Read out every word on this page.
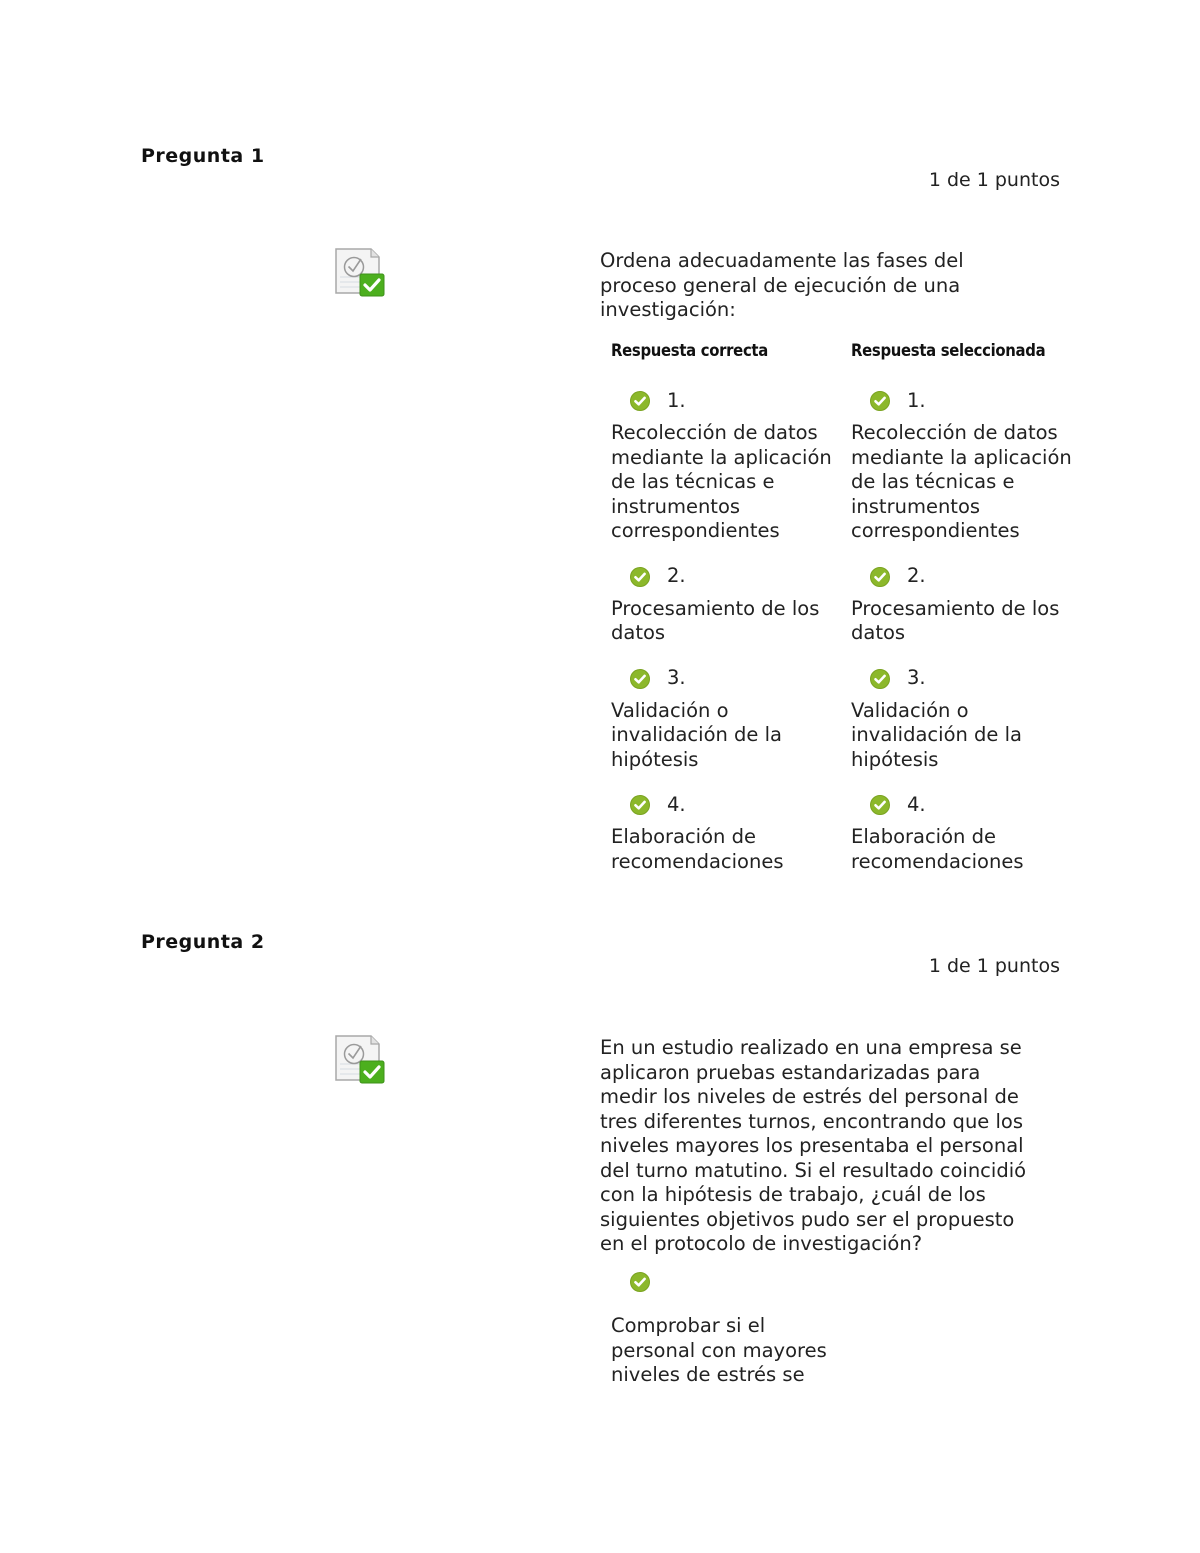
Pregunta 1
1 de 1 puntos
Ordena adecuadamente las fases del proceso general de ejecución de una investigación:
Respuesta correcta
1.
Recolección de datos mediante la aplicación de las técnicas e instrumentos correspondientes
2.
Procesamiento de los datos
3.
Validación o invalidación de la hipótesis
4.
Elaboración de recomendaciones
Respuesta seleccionada
1.
Recolección de datos mediante la aplicación de las técnicas e instrumentos correspondientes
2.
Procesamiento de los datos
3.
Validación o invalidación de la hipótesis
4.
Elaboración de recomendaciones
Pregunta 2
1 de 1 puntos
En un estudio realizado en una empresa se aplicaron pruebas estandarizadas para medir los niveles de estrés del personal de tres diferentes turnos, encontrando que los niveles mayores los presentaba el personal del turno matutino. Si el resultado coincidió con la hipótesis de trabajo, ¿cuál de los siguientes objetivos pudo ser el propuesto en el protocolo de investigación?
Comprobar si el personal con mayores niveles de estrés se
